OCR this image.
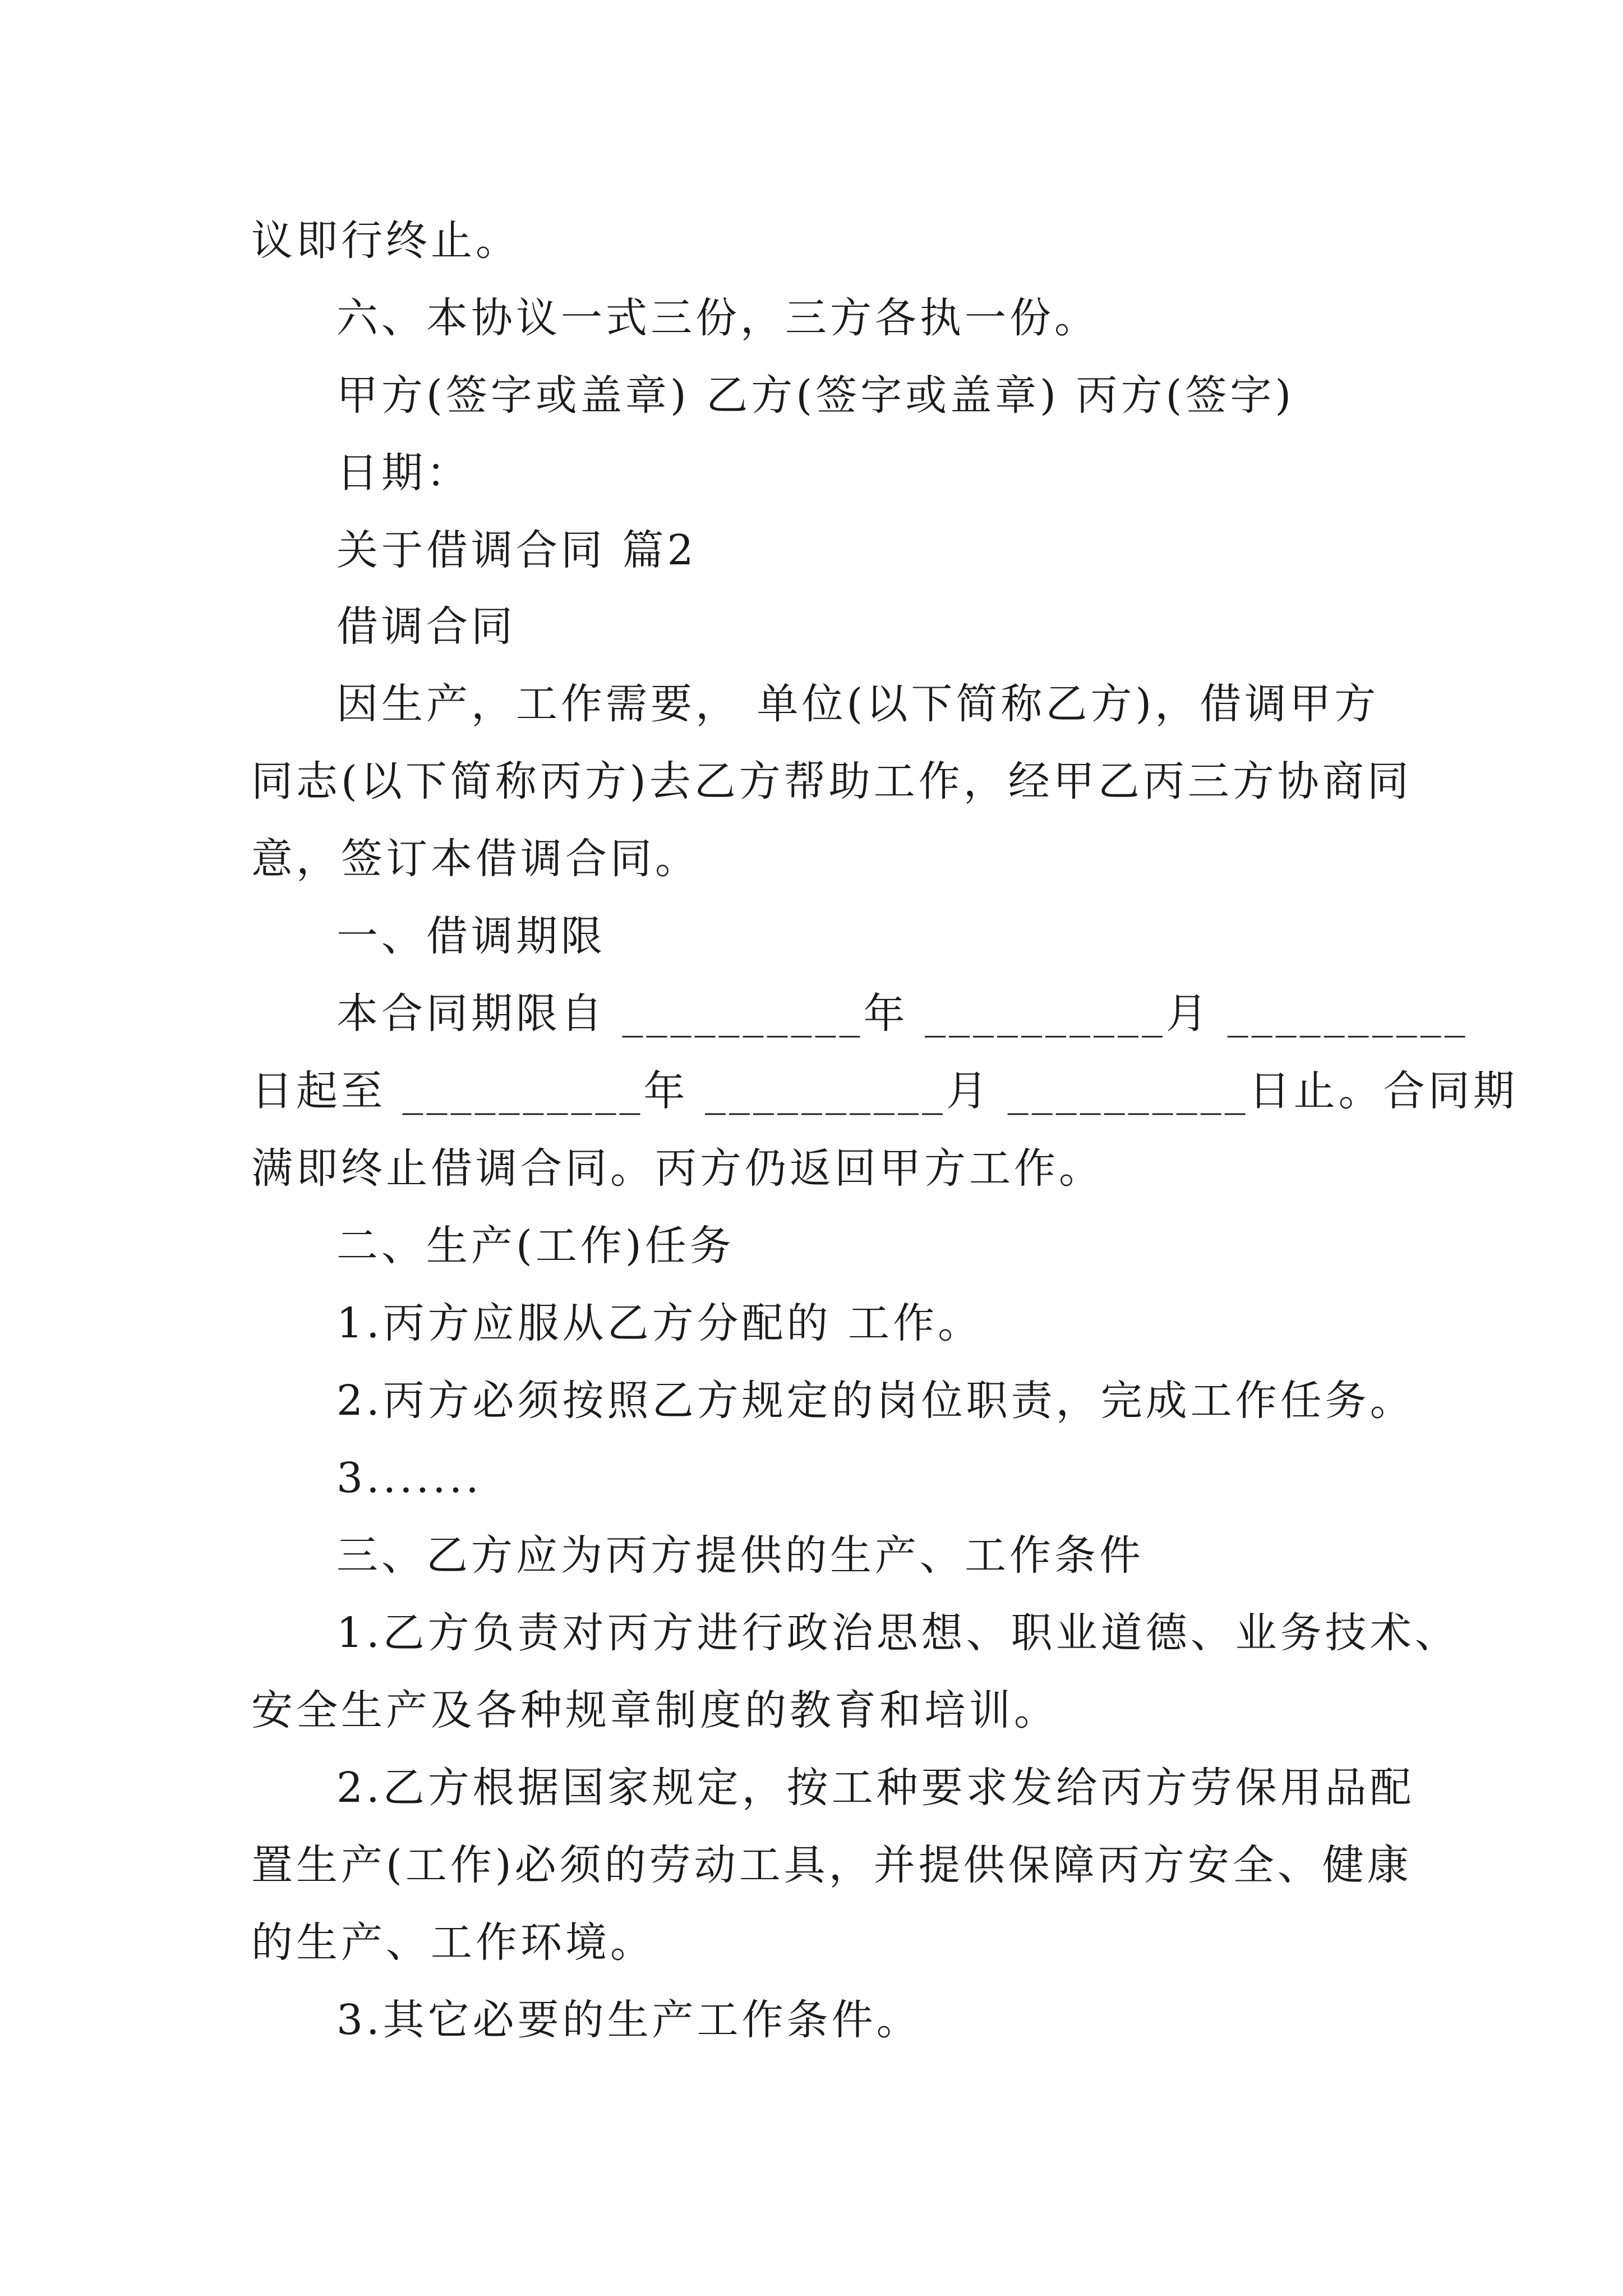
议即行终止。
六、本协议一式三份，三方各执一份。
甲方(签字或盖章) 乙方(签字或盖章) 丙方(签字)
日期：
关于借调合同 篇2
借调合同
因生产，工作需要， 单位(以下简称乙方)，借调甲方
同志(以下简称丙方)去乙方帮助工作，经甲乙丙三方协商同
意，签订本借调合同。
一、借调期限
本合同期限自 __________年 __________月 __________
日起至 __________年 __________月 __________日止。合同期
满即终止借调合同。丙方仍返回甲方工作。
二、生产(工作)任务
1.丙方应服从乙方分配的 工作。
2.丙方必须按照乙方规定的岗位职责，完成工作任务。
3.......
三、乙方应为丙方提供的生产、工作条件
1.乙方负责对丙方进行政治思想、职业道德、业务技术、
安全生产及各种规章制度的教育和培训。
2.乙方根据国家规定，按工种要求发给丙方劳保用品配
置生产(工作)必须的劳动工具，并提供保障丙方安全、健康
的生产、工作环境。
3.其它必要的生产工作条件。
